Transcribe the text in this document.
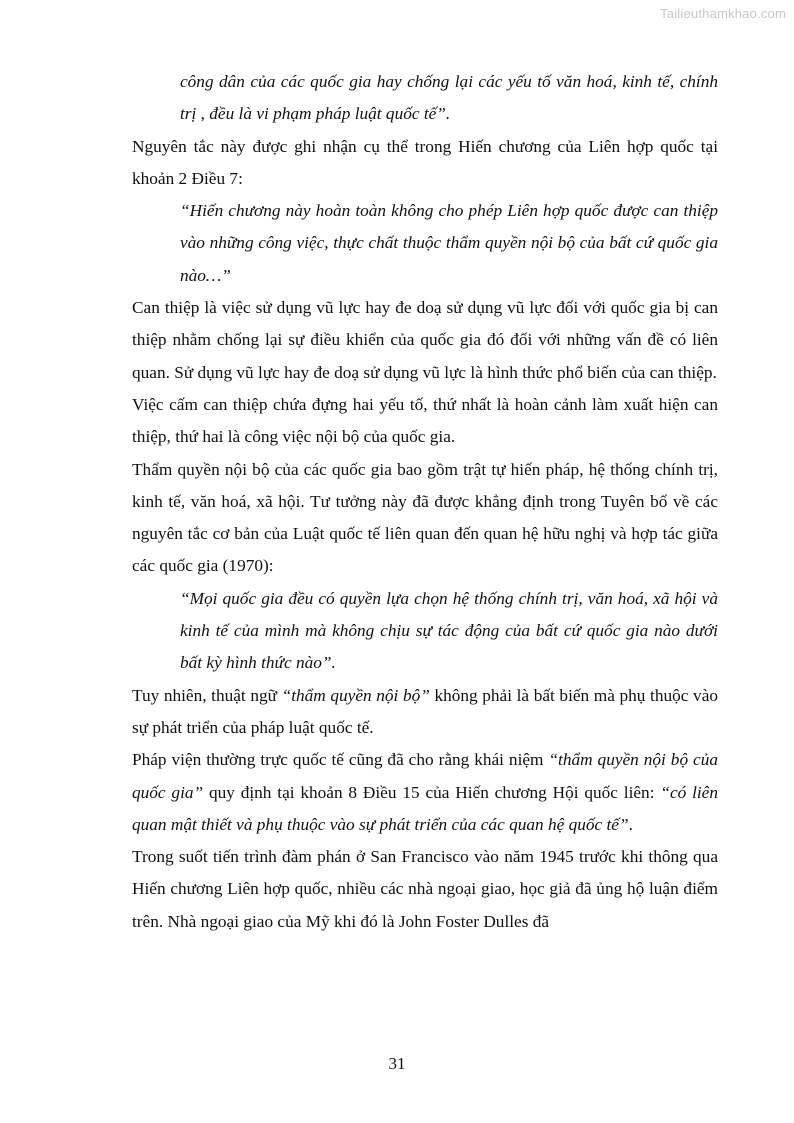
Tailieuthamkhao.com

công dân của các quốc gia hay chống lại các yếu tố văn hoá, kinh tế, chính trị , đều là vi phạm pháp luật quốc tế”.

Nguyên tắc này được ghi nhận cụ thể trong Hiến chương của Liên hợp quốc tại khoản 2 Điều 7:

“Hiến chương này hoàn toàn không cho phép Liên hợp quốc được can thiệp vào những công việc, thực chất thuộc thẩm quyền nội bộ của bất cứ quốc gia nào…”

Can thiệp là việc sử dụng vũ lực hay đe doạ sử dụng vũ lực đối với quốc gia bị can thiệp nhằm chống lại sự điều khiển của quốc gia đó đối với những vấn đề có liên quan. Sử dụng vũ lực hay đe doạ sử dụng vũ lực là hình thức phổ biến của can thiệp.

Việc cấm can thiệp chứa đựng hai yếu tố, thứ nhất là hoàn cảnh làm xuất hiện can thiệp, thứ hai là công việc nội bộ của quốc gia.

Thẩm quyền nội bộ của các quốc gia bao gồm trật tự hiến pháp, hệ thống chính trị, kinh tế, văn hoá, xã hội. Tư tưởng này đã được khẳng định trong Tuyên bố về các nguyên tắc cơ bản của Luật quốc tế liên quan đến quan hệ hữu nghị và hợp tác giữa các quốc gia (1970):

“Mọi quốc gia đều có quyền lựa chọn hệ thống chính trị, văn hoá, xã hội và kinh tế của mình mà không chịu sự tác động của bất cứ quốc gia nào dưới bất kỳ hình thức nào”.

Tuy nhiên, thuật ngữ “thẩm quyền nội bộ” không phải là bất biến mà phụ thuộc vào sự phát triển của pháp luật quốc tế.

Pháp viện thường trực quốc tế cũng đã cho rằng khái niệm “thẩm quyền nội bộ của quốc gia” quy định tại khoản 8 Điều 15 của Hiến chương Hội quốc liên: “có liên quan mật thiết và phụ thuộc vào sự phát triển của các quan hệ quốc tế”.

Trong suốt tiến trình đàm phán ở San Francisco vào năm 1945 trước khi thông qua Hiến chương Liên hợp quốc, nhiều các nhà ngoại giao, học giả đã ủng hộ luận điểm trên. Nhà ngoại giao của Mỹ khi đó là John Foster Dulles đã

31
